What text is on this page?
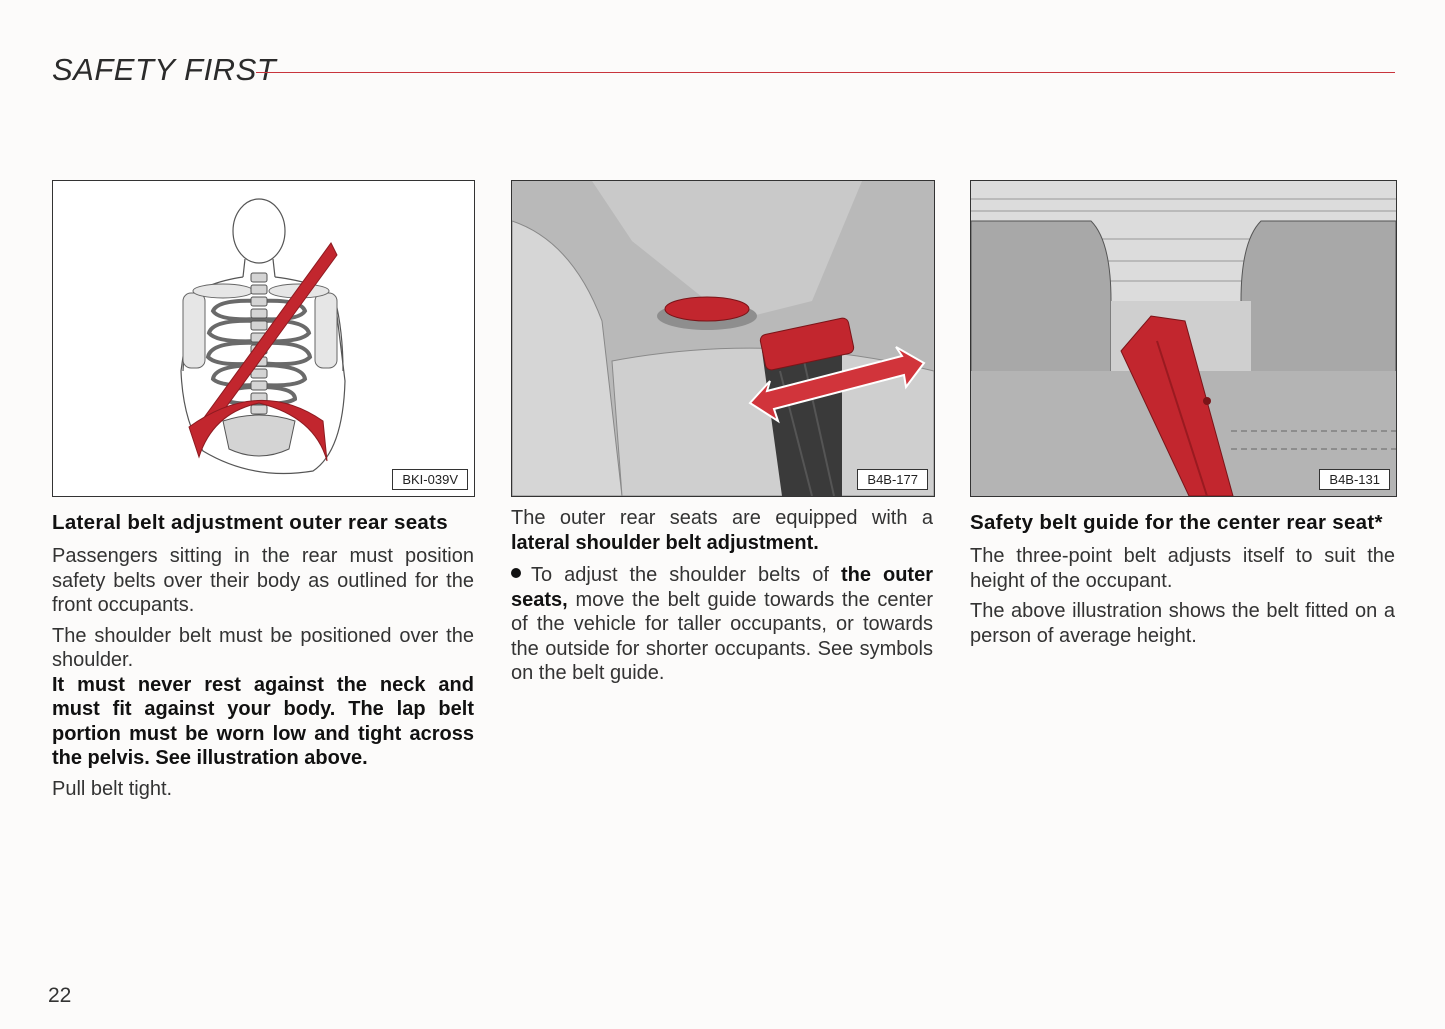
SAFETY FIRST
BKI-039V	B4B-177	B4B-131
Lateral belt adjustment outer rear seats

Passengers sitting in the rear must position safety belts over their body as outlined for the front occupants.

The shoulder belt must be positioned over the shoulder.

It must never rest against the neck and must fit against your body. The lap belt portion must be worn low and tight across the pelvis. See illustration above.

Pull belt tight.

The outer rear seats are equipped with a lateral shoulder belt adjustment.

To adjust the shoulder belts of the outer seats, move the belt guide towards the center of the vehicle for taller occupants, or towards the outside for shorter occupants. See symbols on the belt guide.

Safety belt guide for the center rear seat*

The three-point belt adjusts itself to suit the height of the occupant.

The above illustration shows the belt fitted on a person of average height.

22
